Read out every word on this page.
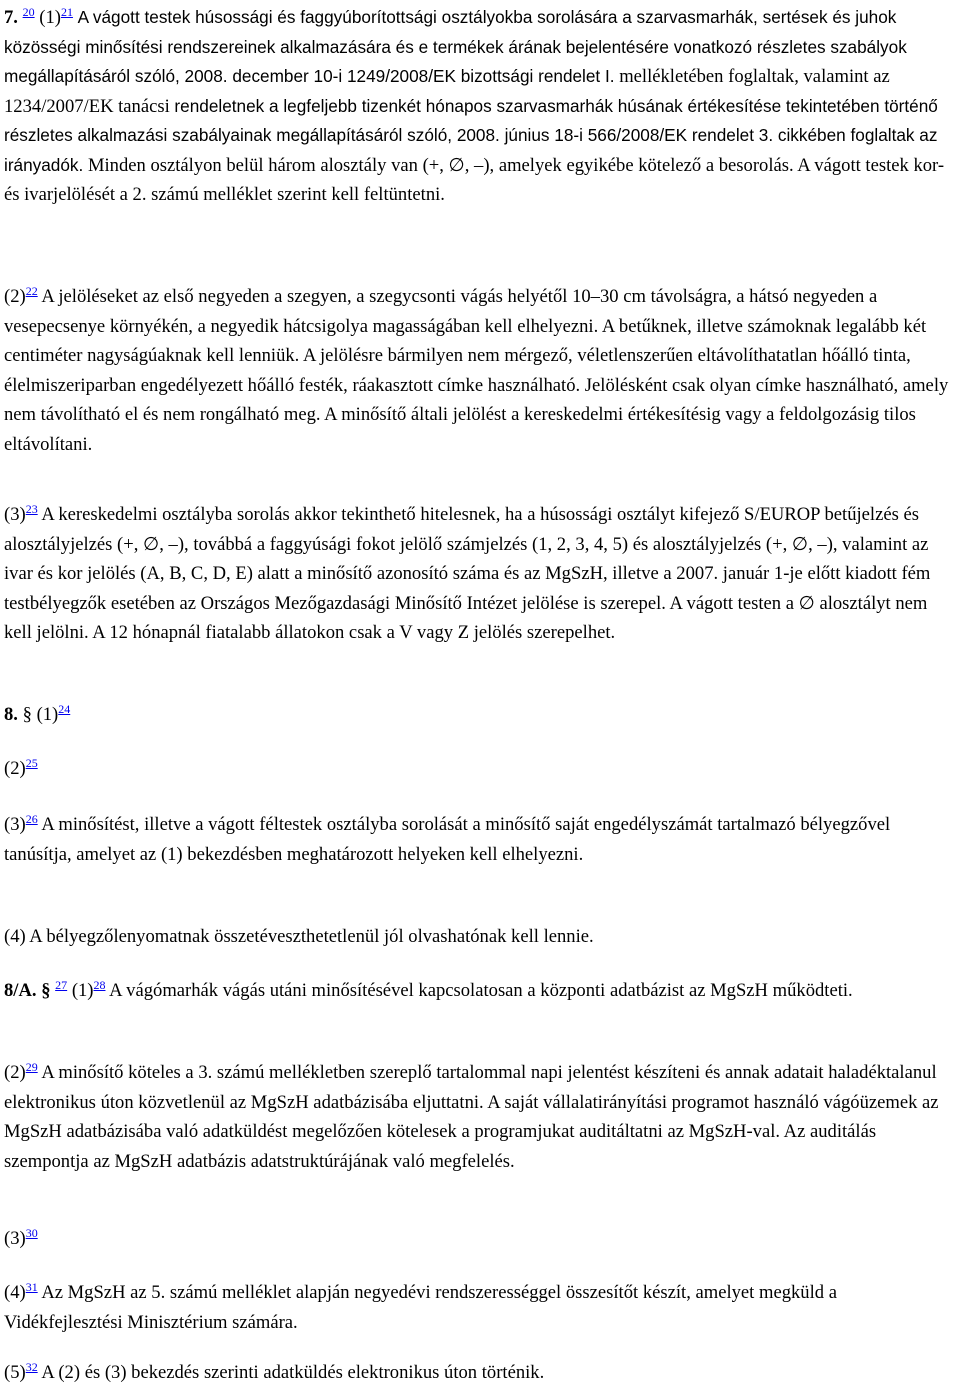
7. $^{20}$ (1)$^{21}$ A vágott testek húsossági és faggyúborítottsági osztályokba sorolására a szarvasmarhák, sertések és juhok közösségi minősítési rendszereinek alkalmazására és e termékek árának bejelentésére vonatkozó részletes szabályok megállapításáról szóló, 2008. december 10-i 1249/2008/EK bizottsági rendelet I. mellékletében foglaltak, valamint az 1234/2007/EK tanácsi rendeletnek a legfeljebb tizenkét hónapos szarvasmarhák húsának értékesítése tekintetében történő részletes alkalmazási szabályainak megállapításáról szóló, 2008. június 18-i 566/2008/EK rendelet 3. cikkében foglaltak az irányadók. Minden osztályon belül három alosztály van (+, ∅, –), amelyek egyikébe kötelező a besorolás. A vágott testek kor- és ivarjelölését a 2. számú melléklet szerint kell feltüntetni.

(2)$^{22}$ A jelöléseket az első negyeden a szegyen, a szegycsonti vágás helyétől 10–30 cm távolságra, a hátsó negyeden a vesepecsenye környékén, a negyedik hátcsigolya magasságában kell elhelyezni. A betűknek, illetve számoknak legalább két centiméter nagyságúaknak kell lenniük. A jelölésre bármilyen nem mérgező, véletlenszerűen eltávolíthatatlan hőálló tinta, élelmiszeriparban engedélyezett hőálló festék, ráakasztott címke használható. Jelölésként csak olyan címke használható, amely nem távolítható el és nem rongálható meg. A minősítő általi jelölést a kereskedelmi értékesítésig vagy a feldolgozásig tilos eltávolítani.

(3)$^{23}$ A kereskedelmi osztályba sorolás akkor tekinthető hitelesnek, ha a húsossági osztályt kifejező S/EUROP betűjelzés és alosztályjelzés (+, ∅, –), továbbá a faggyúsági fokot jelölő számjelzés (1, 2, 3, 4, 5) és alosztályjelzés (+, ∅, –), valamint az ivar és kor jelölés (A, B, C, D, E) alatt a minősítő azonosító száma és az MgSzH, illetve a 2007. január 1-je előtt kiadott fém testbélyegzők esetében az Országos Mezőgazdasági Minősítő Intézet jelölése is szerepel. A vágott testen a ∅ alosztályt nem kell jelölni. A 12 hónapnál fiatalabb állatokon csak a V vagy Z jelölés szerepelhet.

8. § (1)$^{24}$

(2)$^{25}$

(3)$^{26}$ A minősítést, illetve a vágott féltestek osztályba sorolását a minősítő saját engedélyszámát tartalmazó bélyegzővel tanúsítja, amelyet az (1) bekezdésben meghatározott helyeken kell elhelyezni.

(4) A bélyegzőlenyomatnak összetéveszthetetlenül jól olvashatónak kell lennie.

8/A. § $^{27}$ (1)$^{28}$ A vágómarhák vágás utáni minősítésével kapcsolatosan a központi adatbázist az MgSzH működteti.

(2)$^{29}$ A minősítő köteles a 3. számú mellékletben szereplő tartalommal napi jelentést készíteni és annak adatait haladéktalanul elektronikus úton közvetlenül az MgSzH adatbázisába eljuttatni. A saját vállalatirányítási programot használó vágóüzemek az MgSzH adatbázisába való adatküldést megelőzően kötelesek a programjukat auditáltatni az MgSzH-val. Az auditálás szempontja az MgSzH adatbázis adatstruktúrájának való megfelelés.

(3)$^{30}$

(4)$^{31}$ Az MgSzH az 5. számú melléklet alapján negyedévi rendszerességgel összesítőt készít, amelyet megküld a Vidékfejlesztési Minisztérium számára.

(5)$^{32}$ A (2) és (3) bekezdés szerinti adatküldés elektronikus úton történik.
